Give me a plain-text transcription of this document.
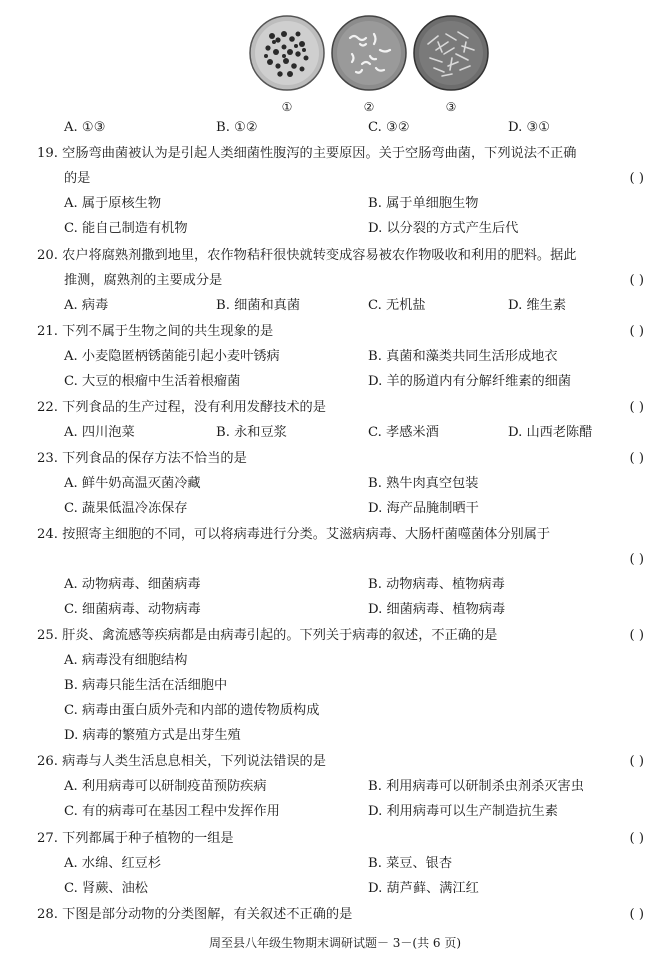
①	②	③
A. ①③	B. ①②	C. ③②	D. ③①
19. 空肠弯曲菌被认为是引起人类细菌性腹泻的主要原因。关于空肠弯曲菌，下列说法不正确
的是	( )
A. 属于原核生物	B. 属于单细胞生物
C. 能自己制造有机物	D. 以分裂的方式产生后代
20. 农户将腐熟剂撒到地里，农作物秸秆很快就转变成容易被农作物吸收和利用的肥料。据此
推测，腐熟剂的主要成分是	( )
A. 病毒	B. 细菌和真菌	C. 无机盐	D. 维生素
21. 下列不属于生物之间的共生现象的是	( )
A. 小麦隐匿柄锈菌能引起小麦叶锈病	B. 真菌和藻类共同生活形成地衣
C. 大豆的根瘤中生活着根瘤菌	D. 羊的肠道内有分解纤维素的细菌
22. 下列食品的生产过程，没有利用发酵技术的是	( )
A. 四川泡菜	B. 永和豆浆	C. 孝感米酒	D. 山西老陈醋
23. 下列食品的保存方法不恰当的是	( )
A. 鲜牛奶高温灭菌冷藏	B. 熟牛肉真空包装
C. 蔬果低温冷冻保存	D. 海产品腌制晒干
24. 按照寄主细胞的不同，可以将病毒进行分类。艾滋病病毒、大肠杆菌噬菌体分别属于
( )
A. 动物病毒、细菌病毒	B. 动物病毒、植物病毒
C. 细菌病毒、动物病毒	D. 细菌病毒、植物病毒
25. 肝炎、禽流感等疾病都是由病毒引起的。下列关于病毒的叙述，不正确的是	( )
A. 病毒没有细胞结构
B. 病毒只能生活在活细胞中
C. 病毒由蛋白质外壳和内部的遗传物质构成
D. 病毒的繁殖方式是出芽生殖
26. 病毒与人类生活息息相关，下列说法错误的是	( )
A. 利用病毒可以研制疫苗预防疾病	B. 利用病毒可以研制杀虫剂杀灭害虫
C. 有的病毒可在基因工程中发挥作用	D. 利用病毒可以生产制造抗生素
27. 下列都属于种子植物的一组是	( )
A. 水绵、红豆杉	B. 菜豆、银杏
C. 肾蕨、油松	D. 葫芦藓、满江红
28. 下图是部分动物的分类图解，有关叙述不正确的是	( )
周至县八年级生物期末调研试题－ 3－(共 6 页)
